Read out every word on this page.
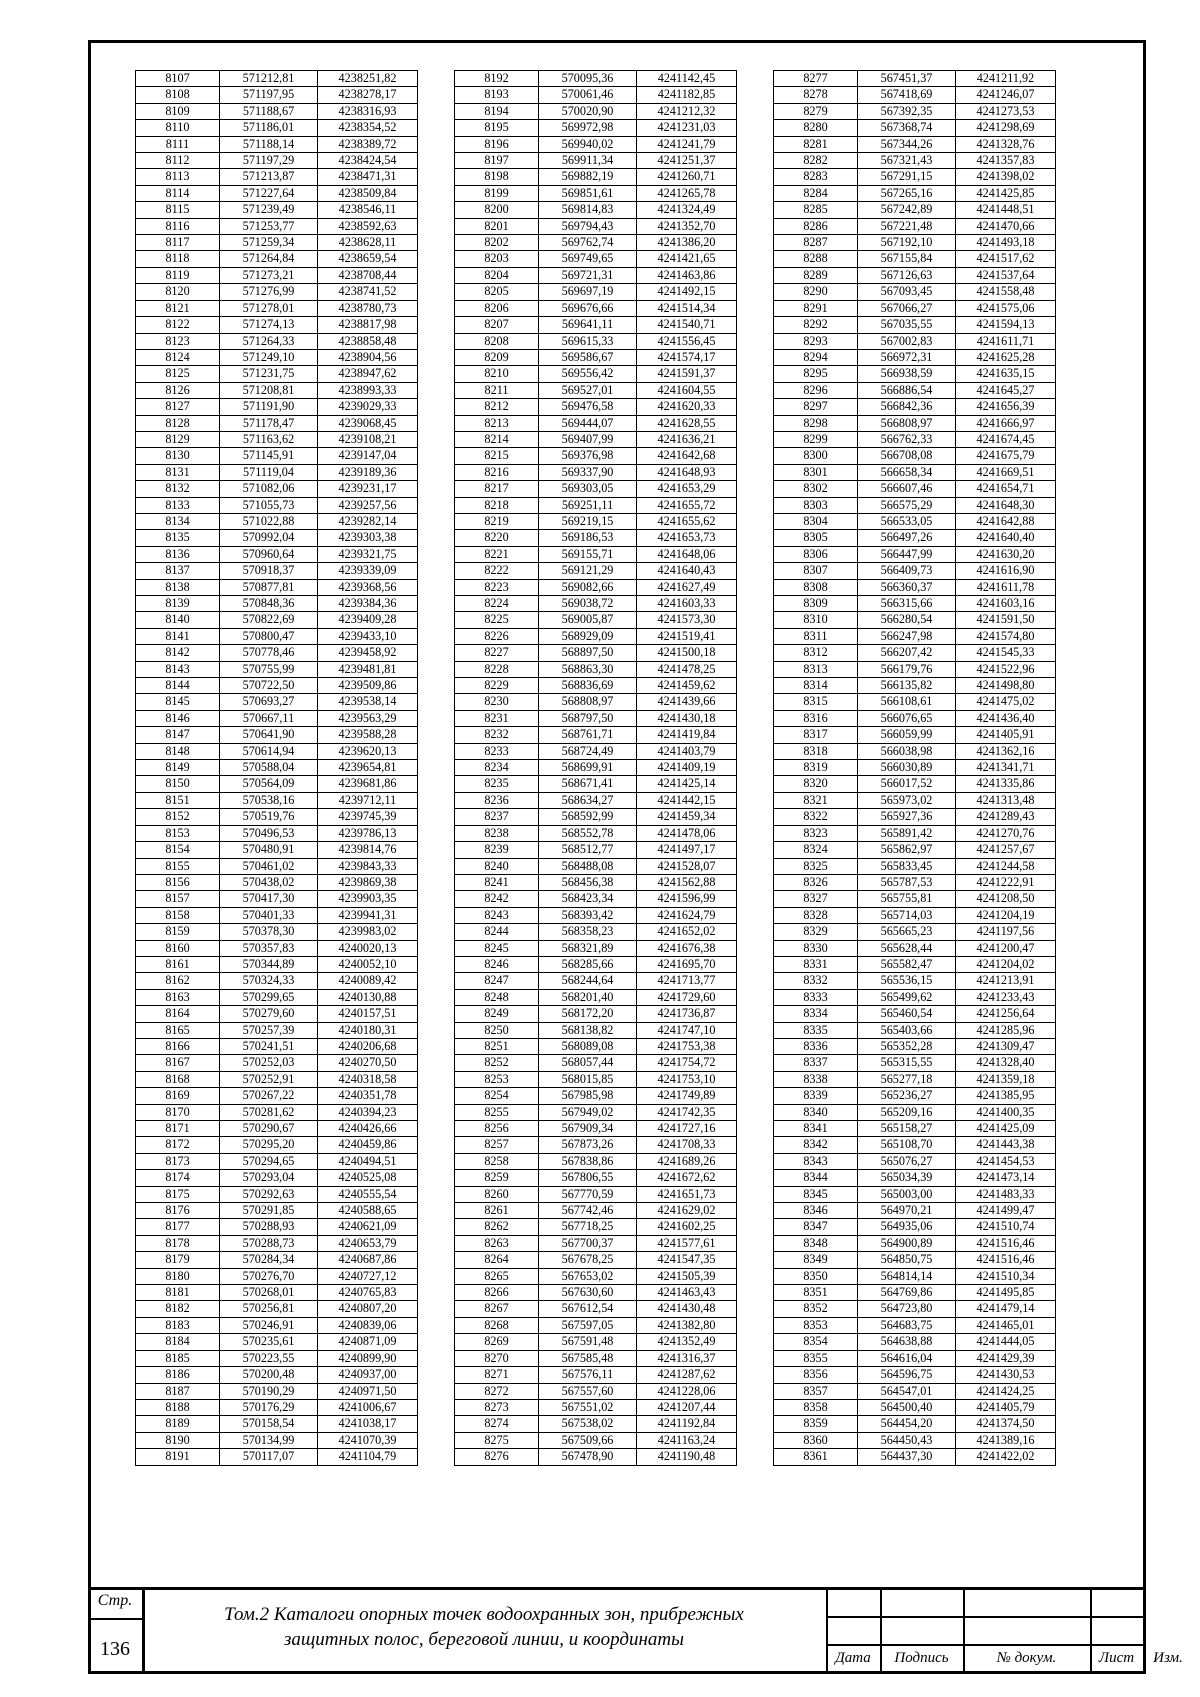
8107	571212,81	4238251,82
8108	571197,95	4238278,17
8109	571188,67	4238316,93
8110	571186,01	4238354,52
8111	571188,14	4238389,72
8112	571197,29	4238424,54
8113	571213,87	4238471,31
8114	571227,64	4238509,84
8115	571239,49	4238546,11
8116	571253,77	4238592,63
8117	571259,34	4238628,11
8118	571264,84	4238659,54
8119	571273,21	4238708,44
8120	571276,99	4238741,52
8121	571278,01	4238780,73
8122	571274,13	4238817,98
8123	571264,33	4238858,48
8124	571249,10	4238904,56
8125	571231,75	4238947,62
8126	571208,81	4238993,33
8127	571191,90	4239029,33
8128	571178,47	4239068,45
8129	571163,62	4239108,21
8130	571145,91	4239147,04
8131	571119,04	4239189,36
8132	571082,06	4239231,17
8133	571055,73	4239257,56
8134	571022,88	4239282,14
8135	570992,04	4239303,38
8136	570960,64	4239321,75
8137	570918,37	4239339,09
8138	570877,81	4239368,56
8139	570848,36	4239384,36
8140	570822,69	4239409,28
8141	570800,47	4239433,10
8142	570778,46	4239458,92
8143	570755,99	4239481,81
8144	570722,50	4239509,86
8145	570693,27	4239538,14
8146	570667,11	4239563,29
8147	570641,90	4239588,28
8148	570614,94	4239620,13
8149	570588,04	4239654,81
8150	570564,09	4239681,86
8151	570538,16	4239712,11
8152	570519,76	4239745,39
8153	570496,53	4239786,13
8154	570480,91	4239814,76
8155	570461,02	4239843,33
8156	570438,02	4239869,38
8157	570417,30	4239903,35
8158	570401,33	4239941,31
8159	570378,30	4239983,02
8160	570357,83	4240020,13
8161	570344,89	4240052,10
8162	570324,33	4240089,42
8163	570299,65	4240130,88
8164	570279,60	4240157,51
8165	570257,39	4240180,31
8166	570241,51	4240206,68
8167	570252,03	4240270,50
8168	570252,91	4240318,58
8169	570267,22	4240351,78
8170	570281,62	4240394,23
8171	570290,67	4240426,66
8172	570295,20	4240459,86
8173	570294,65	4240494,51
8174	570293,04	4240525,08
8175	570292,63	4240555,54
8176	570291,85	4240588,65
8177	570288,93	4240621,09
8178	570288,73	4240653,79
8179	570284,34	4240687,86
8180	570276,70	4240727,12
8181	570268,01	4240765,83
8182	570256,81	4240807,20
8183	570246,91	4240839,06
8184	570235,61	4240871,09
8185	570223,55	4240899,90
8186	570200,48	4240937,00
8187	570190,29	4240971,50
8188	570176,29	4241006,67
8189	570158,54	4241038,17
8190	570134,99	4241070,39
8191	570117,07	4241104,79
8192	570095,36	4241142,45
8193	570061,46	4241182,85
8194	570020,90	4241212,32
8195	569972,98	4241231,03
8196	569940,02	4241241,79
8197	569911,34	4241251,37
8198	569882,19	4241260,71
8199	569851,61	4241265,78
8200	569814,83	4241324,49
8201	569794,43	4241352,70
8202	569762,74	4241386,20
8203	569749,65	4241421,65
8204	569721,31	4241463,86
8205	569697,19	4241492,15
8206	569676,66	4241514,34
8207	569641,11	4241540,71
8208	569615,33	4241556,45
8209	569586,67	4241574,17
8210	569556,42	4241591,37
8211	569527,01	4241604,55
8212	569476,58	4241620,33
8213	569444,07	4241628,55
8214	569407,99	4241636,21
8215	569376,98	4241642,68
8216	569337,90	4241648,93
8217	569303,05	4241653,29
8218	569251,11	4241655,72
8219	569219,15	4241655,62
8220	569186,53	4241653,73
8221	569155,71	4241648,06
8222	569121,29	4241640,43
8223	569082,66	4241627,49
8224	569038,72	4241603,33
8225	569005,87	4241573,30
8226	568929,09	4241519,41
8227	568897,50	4241500,18
8228	568863,30	4241478,25
8229	568836,69	4241459,62
8230	568808,97	4241439,66
8231	568797,50	4241430,18
8232	568761,71	4241419,84
8233	568724,49	4241403,79
8234	568699,91	4241409,19
8235	568671,41	4241425,14
8236	568634,27	4241442,15
8237	568592,99	4241459,34
8238	568552,78	4241478,06
8239	568512,77	4241497,17
8240	568488,08	4241528,07
8241	568456,38	4241562,88
8242	568423,34	4241596,99
8243	568393,42	4241624,79
8244	568358,23	4241652,02
8245	568321,89	4241676,38
8246	568285,66	4241695,70
8247	568244,64	4241713,77
8248	568201,40	4241729,60
8249	568172,20	4241736,87
8250	568138,82	4241747,10
8251	568089,08	4241753,38
8252	568057,44	4241754,72
8253	568015,85	4241753,10
8254	567985,98	4241749,89
8255	567949,02	4241742,35
8256	567909,34	4241727,16
8257	567873,26	4241708,33
8258	567838,86	4241689,26
8259	567806,55	4241672,62
8260	567770,59	4241651,73
8261	567742,46	4241629,02
8262	567718,25	4241602,25
8263	567700,37	4241577,61
8264	567678,25	4241547,35
8265	567653,02	4241505,39
8266	567630,60	4241463,43
8267	567612,54	4241430,48
8268	567597,05	4241382,80
8269	567591,48	4241352,49
8270	567585,48	4241316,37
8271	567576,11	4241287,62
8272	567557,60	4241228,06
8273	567551,02	4241207,44
8274	567538,02	4241192,84
8275	567509,66	4241163,24
8276	567478,90	4241190,48
8277	567451,37	4241211,92
8278	567418,69	4241246,07
8279	567392,35	4241273,53
8280	567368,74	4241298,69
8281	567344,26	4241328,76
8282	567321,43	4241357,83
8283	567291,15	4241398,02
8284	567265,16	4241425,85
8285	567242,89	4241448,51
8286	567221,48	4241470,66
8287	567192,10	4241493,18
8288	567155,84	4241517,62
8289	567126,63	4241537,64
8290	567093,45	4241558,48
8291	567066,27	4241575,06
8292	567035,55	4241594,13
8293	567002,83	4241611,71
8294	566972,31	4241625,28
8295	566938,59	4241635,15
8296	566886,54	4241645,27
8297	566842,36	4241656,39
8298	566808,97	4241666,97
8299	566762,33	4241674,45
8300	566708,08	4241675,79
8301	566658,34	4241669,51
8302	566607,46	4241654,71
8303	566575,29	4241648,30
8304	566533,05	4241642,88
8305	566497,26	4241640,40
8306	566447,99	4241630,20
8307	566409,73	4241616,90
8308	566360,37	4241611,78
8309	566315,66	4241603,16
8310	566280,54	4241591,50
8311	566247,98	4241574,80
8312	566207,42	4241545,33
8313	566179,76	4241522,96
8314	566135,82	4241498,80
8315	566108,61	4241475,02
8316	566076,65	4241436,40
8317	566059,99	4241405,91
8318	566038,98	4241362,16
8319	566030,89	4241341,71
8320	566017,52	4241335,86
8321	565973,02	4241313,48
8322	565927,36	4241289,43
8323	565891,42	4241270,76
8324	565862,97	4241257,67
8325	565833,45	4241244,58
8326	565787,53	4241222,91
8327	565755,81	4241208,50
8328	565714,03	4241204,19
8329	565665,23	4241197,56
8330	565628,44	4241200,47
8331	565582,47	4241204,02
8332	565536,15	4241213,91
8333	565499,62	4241233,43
8334	565460,54	4241256,64
8335	565403,66	4241285,96
8336	565352,28	4241309,47
8337	565315,55	4241328,40
8338	565277,18	4241359,18
8339	565236,27	4241385,95
8340	565209,16	4241400,35
8341	565158,27	4241425,09
8342	565108,70	4241443,38
8343	565076,27	4241454,53
8344	565034,39	4241473,14
8345	565003,00	4241483,33
8346	564970,21	4241499,47
8347	564935,06	4241510,74
8348	564900,89	4241516,46
8349	564850,75	4241516,46
8350	564814,14	4241510,34
8351	564769,86	4241495,85
8352	564723,80	4241479,14
8353	564683,75	4241465,01
8354	564638,88	4241444,05
8355	564616,04	4241429,39
8356	564596,75	4241430,53
8357	564547,01	4241424,25
8358	564500,40	4241405,79
8359	564454,20	4241374,50
8360	564450,43	4241389,16
8361	564437,30	4241422,02
Стр.
136
Том.2 Каталоги опорных точек водоохранных зон, прибрежных
защитных полос, береговой линии, и координаты
Дата	Подпись	№ докум.	Лист	Изм.
